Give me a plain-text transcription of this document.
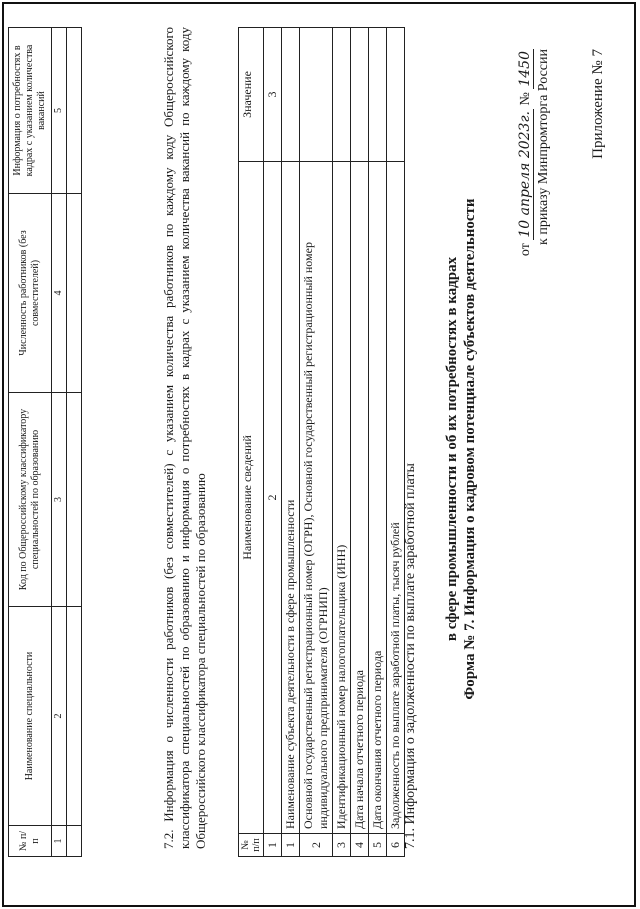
Приложение № 7
к приказу Минпромторга России
от 10 апреля 2023г. № 1450
Форма № 7. Информация о кадровом потенциале субъектов деятельности
в сфере промышленности и об их потребностях в кадрах
7.1. Информация о задолженности по выплате заработной платы
№ п/п	Наименование сведений	Значение
1	2	3
1	Наименование субъекта деятельности в сфере промышленности	
2	Основной государственный регистрационный номер (ОГРН), Основной государственный регистрационный номер индивидуального предпринимателя (ОГРНИП)	
3	Идентификационный номер налогоплательщика (ИНН)	
4	Дата начала отчетного периода	
5	Дата окончания отчетного периода	
6	Задолженность по выплате заработной платы, тысяч рублей	
7.2. Информация о численности работников (без совместителей) с указанием количества работников по каждому коду Общероссийского классификатора специальностей по образованию и информация о потребностях в кадрах с указанием количества вакансий по каждому коду Общероссийского классификатора специальностей по образованию
№ п/п	Наименование специальности	Код по Общероссийскому классификатору специальностей по образованию	Численность работников (без совместителей)	Информация о потребностях в кадрах с указанием количества вакансий
1	2	3	4	5
